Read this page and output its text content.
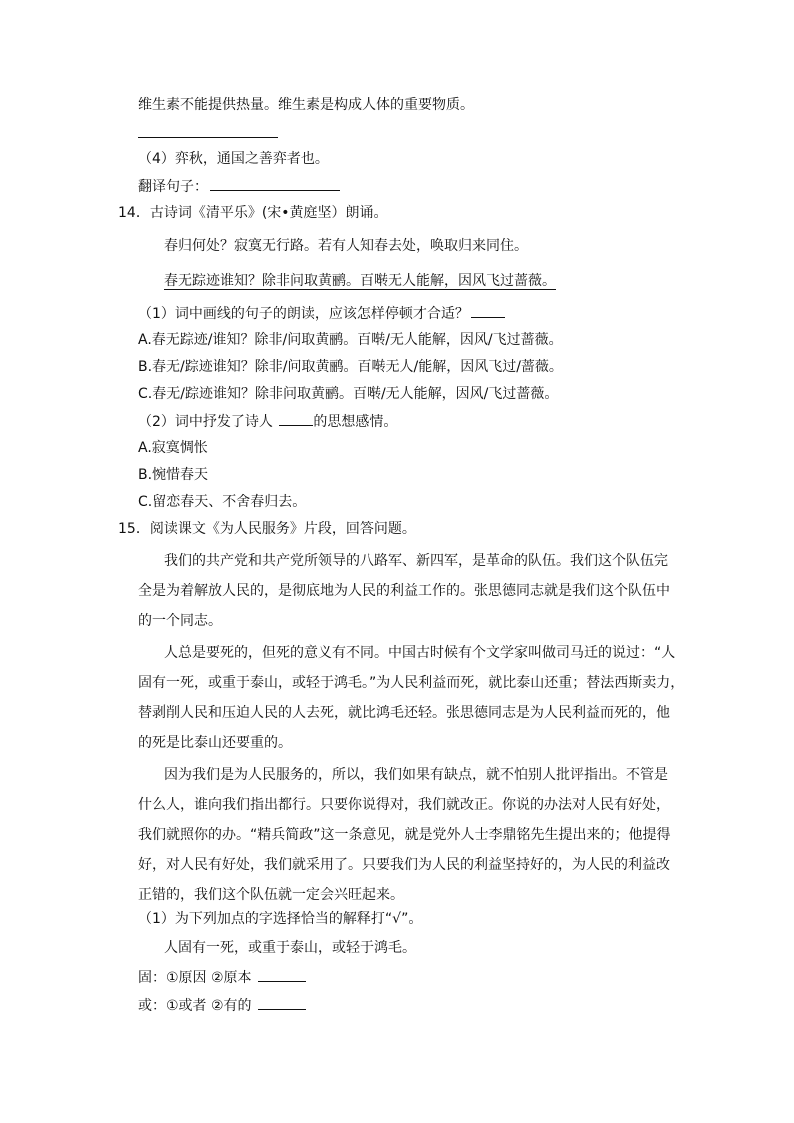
维生素不能提供热量。维生素是构成人体的重要物质。
（4）弈秋，通国之善弈者也。
翻译句子：
14．古诗词《清平乐》(宋•黄庭坚）朗诵。
春归何处？寂寞无行路。若有人知春去处，唤取归来同住。
春无踪迹谁知？除非问取黄鹂。百啭无人能解，因风飞过蔷薇。
（1）词中画线的句子的朗读，应该怎样停顿才合适？
A.春无踪迹/谁知？除非/问取黄鹂。百啭/无人能解，因风/飞过蔷薇。
B.春无/踪迹谁知？除非/问取黄鹂。百啭无人/能解，因风飞过/蔷薇。
C.春无/踪迹谁知？除非问取黄鹂。百啭/无人能解，因风/飞过蔷薇。
（2）词中抒发了诗人	的思想感情。
A.寂寞惆怅
B.惋惜春天
C.留恋春天、不舍春归去。
15．阅读课文《为人民服务》片段，回答问题。
我们的共产党和共产党所领导的八路军、新四军，是革命的队伍。我们这个队伍完
全是为着解放人民的，是彻底地为人民的利益工作的。张思德同志就是我们这个队伍中
的一个同志。
人总是要死的，但死的意义有不同。中国古时候有个文学家叫做司马迁的说过：“人
固有一死，或重于泰山，或轻于鸿毛。”为人民利益而死，就比泰山还重；替法西斯卖力，
替剥削人民和压迫人民的人去死，就比鸿毛还轻。张思德同志是为人民利益而死的，他
的死是比泰山还要重的。
因为我们是为人民服务的，所以，我们如果有缺点，就不怕别人批评指出。不管是
什么人，谁向我们指出都行。只要你说得对，我们就改正。你说的办法对人民有好处，
我们就照你的办。“精兵简政”这一条意见，就是党外人士李鼎铭先生提出来的；他提得
好，对人民有好处，我们就采用了。只要我们为人民的利益坚持好的，为人民的利益改
正错的，我们这个队伍就一定会兴旺起来。
（1）为下列加点的字选择恰当的解释打“√”。
人固有一死，或重于泰山，或轻于鸿毛。
固：①原因 ②原本
或：①或者 ②有的
